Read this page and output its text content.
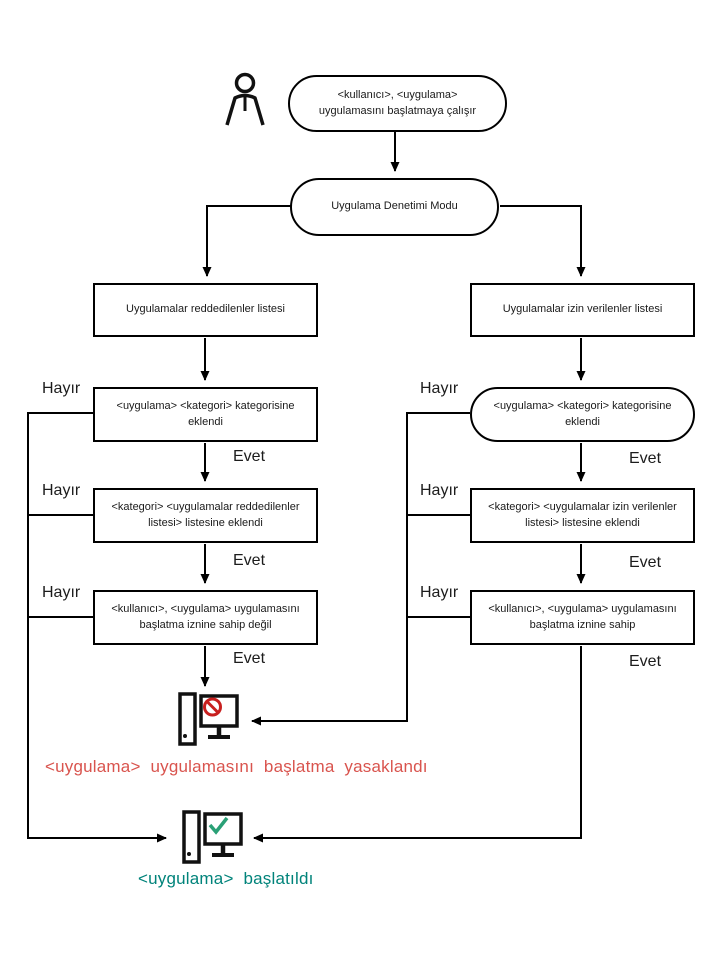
<kullanıcı>, <uygulama> uygulamasını başlatmaya çalışır
Uygulama Denetimi Modu
Uygulamalar reddedilenler listesi	Uygulamalar izin verilenler listesi
<uygulama> <kategori> kategorisine eklendi
<kategori> <uygulamalar reddedilenler listesi> listesine eklendi
<kullanıcı>, <uygulama> uygulamasını başlatma iznine sahip değil
<uygulama> <kategori> kategorisine eklendi
<kategori> <uygulamalar izin verilenler listesi> listesine eklendi
<kullanıcı>, <uygulama> uygulamasını başlatma iznine sahip
Hayır
Hayır
Hayır
Hayır
Hayır
Hayır
Evet
Evet
Evet
Evet
Evet
Evet
<uygulama> uygulamasını başlatma yasaklandı
<uygulama> başlatıldı
